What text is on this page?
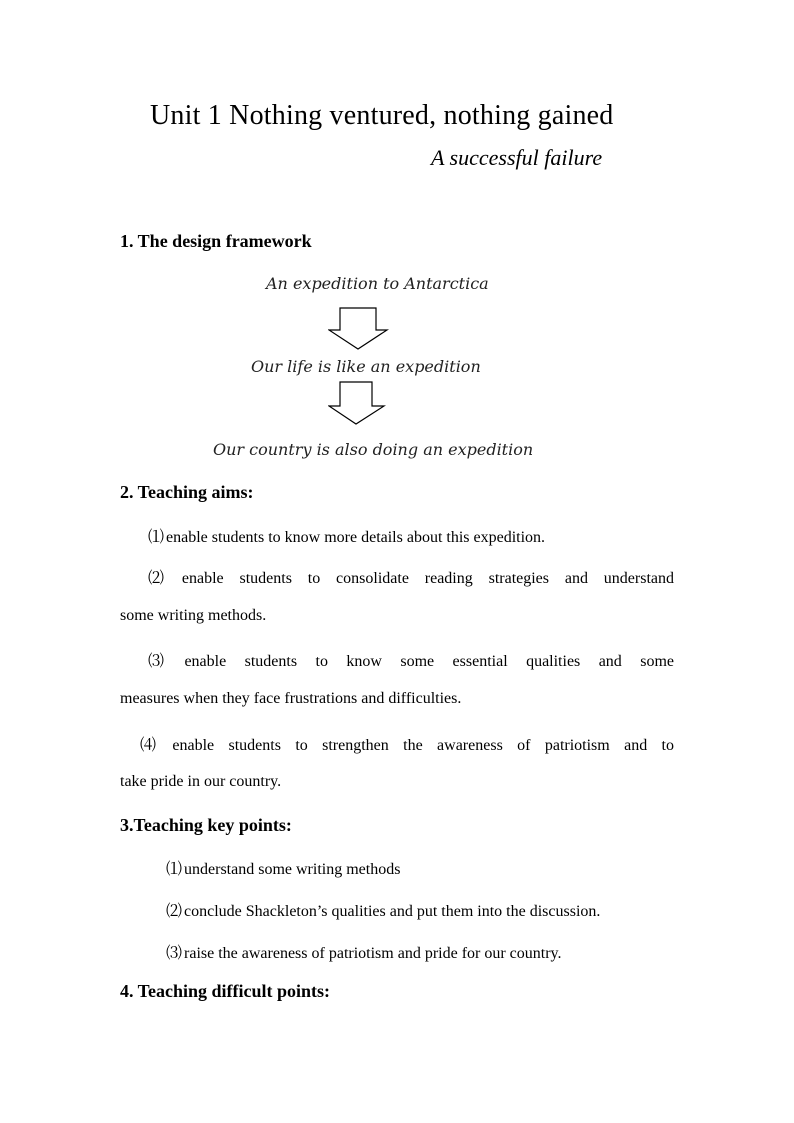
Unit 1 Nothing ventured, nothing gained
A successful failure
1. The design framework
An expedition to Antarctica
Our life is like an expedition
Our country is also doing an expedition
2. Teaching aims:
⑴ enable students to know more details about this expedition.
⑵ enable students to consolidate reading strategies and understand
some writing methods.
⑶ enable students to know some essential qualities and some
measures when they face frustrations and difficulties.
⑷ enable students to strengthen the awareness of patriotism and to
take pride in our country.
3.Teaching key points:
⑴ understand some writing methods
⑵ conclude Shackleton’s qualities and put them into the discussion.
⑶ raise the awareness of patriotism and pride for our country.
4. Teaching difficult points:
